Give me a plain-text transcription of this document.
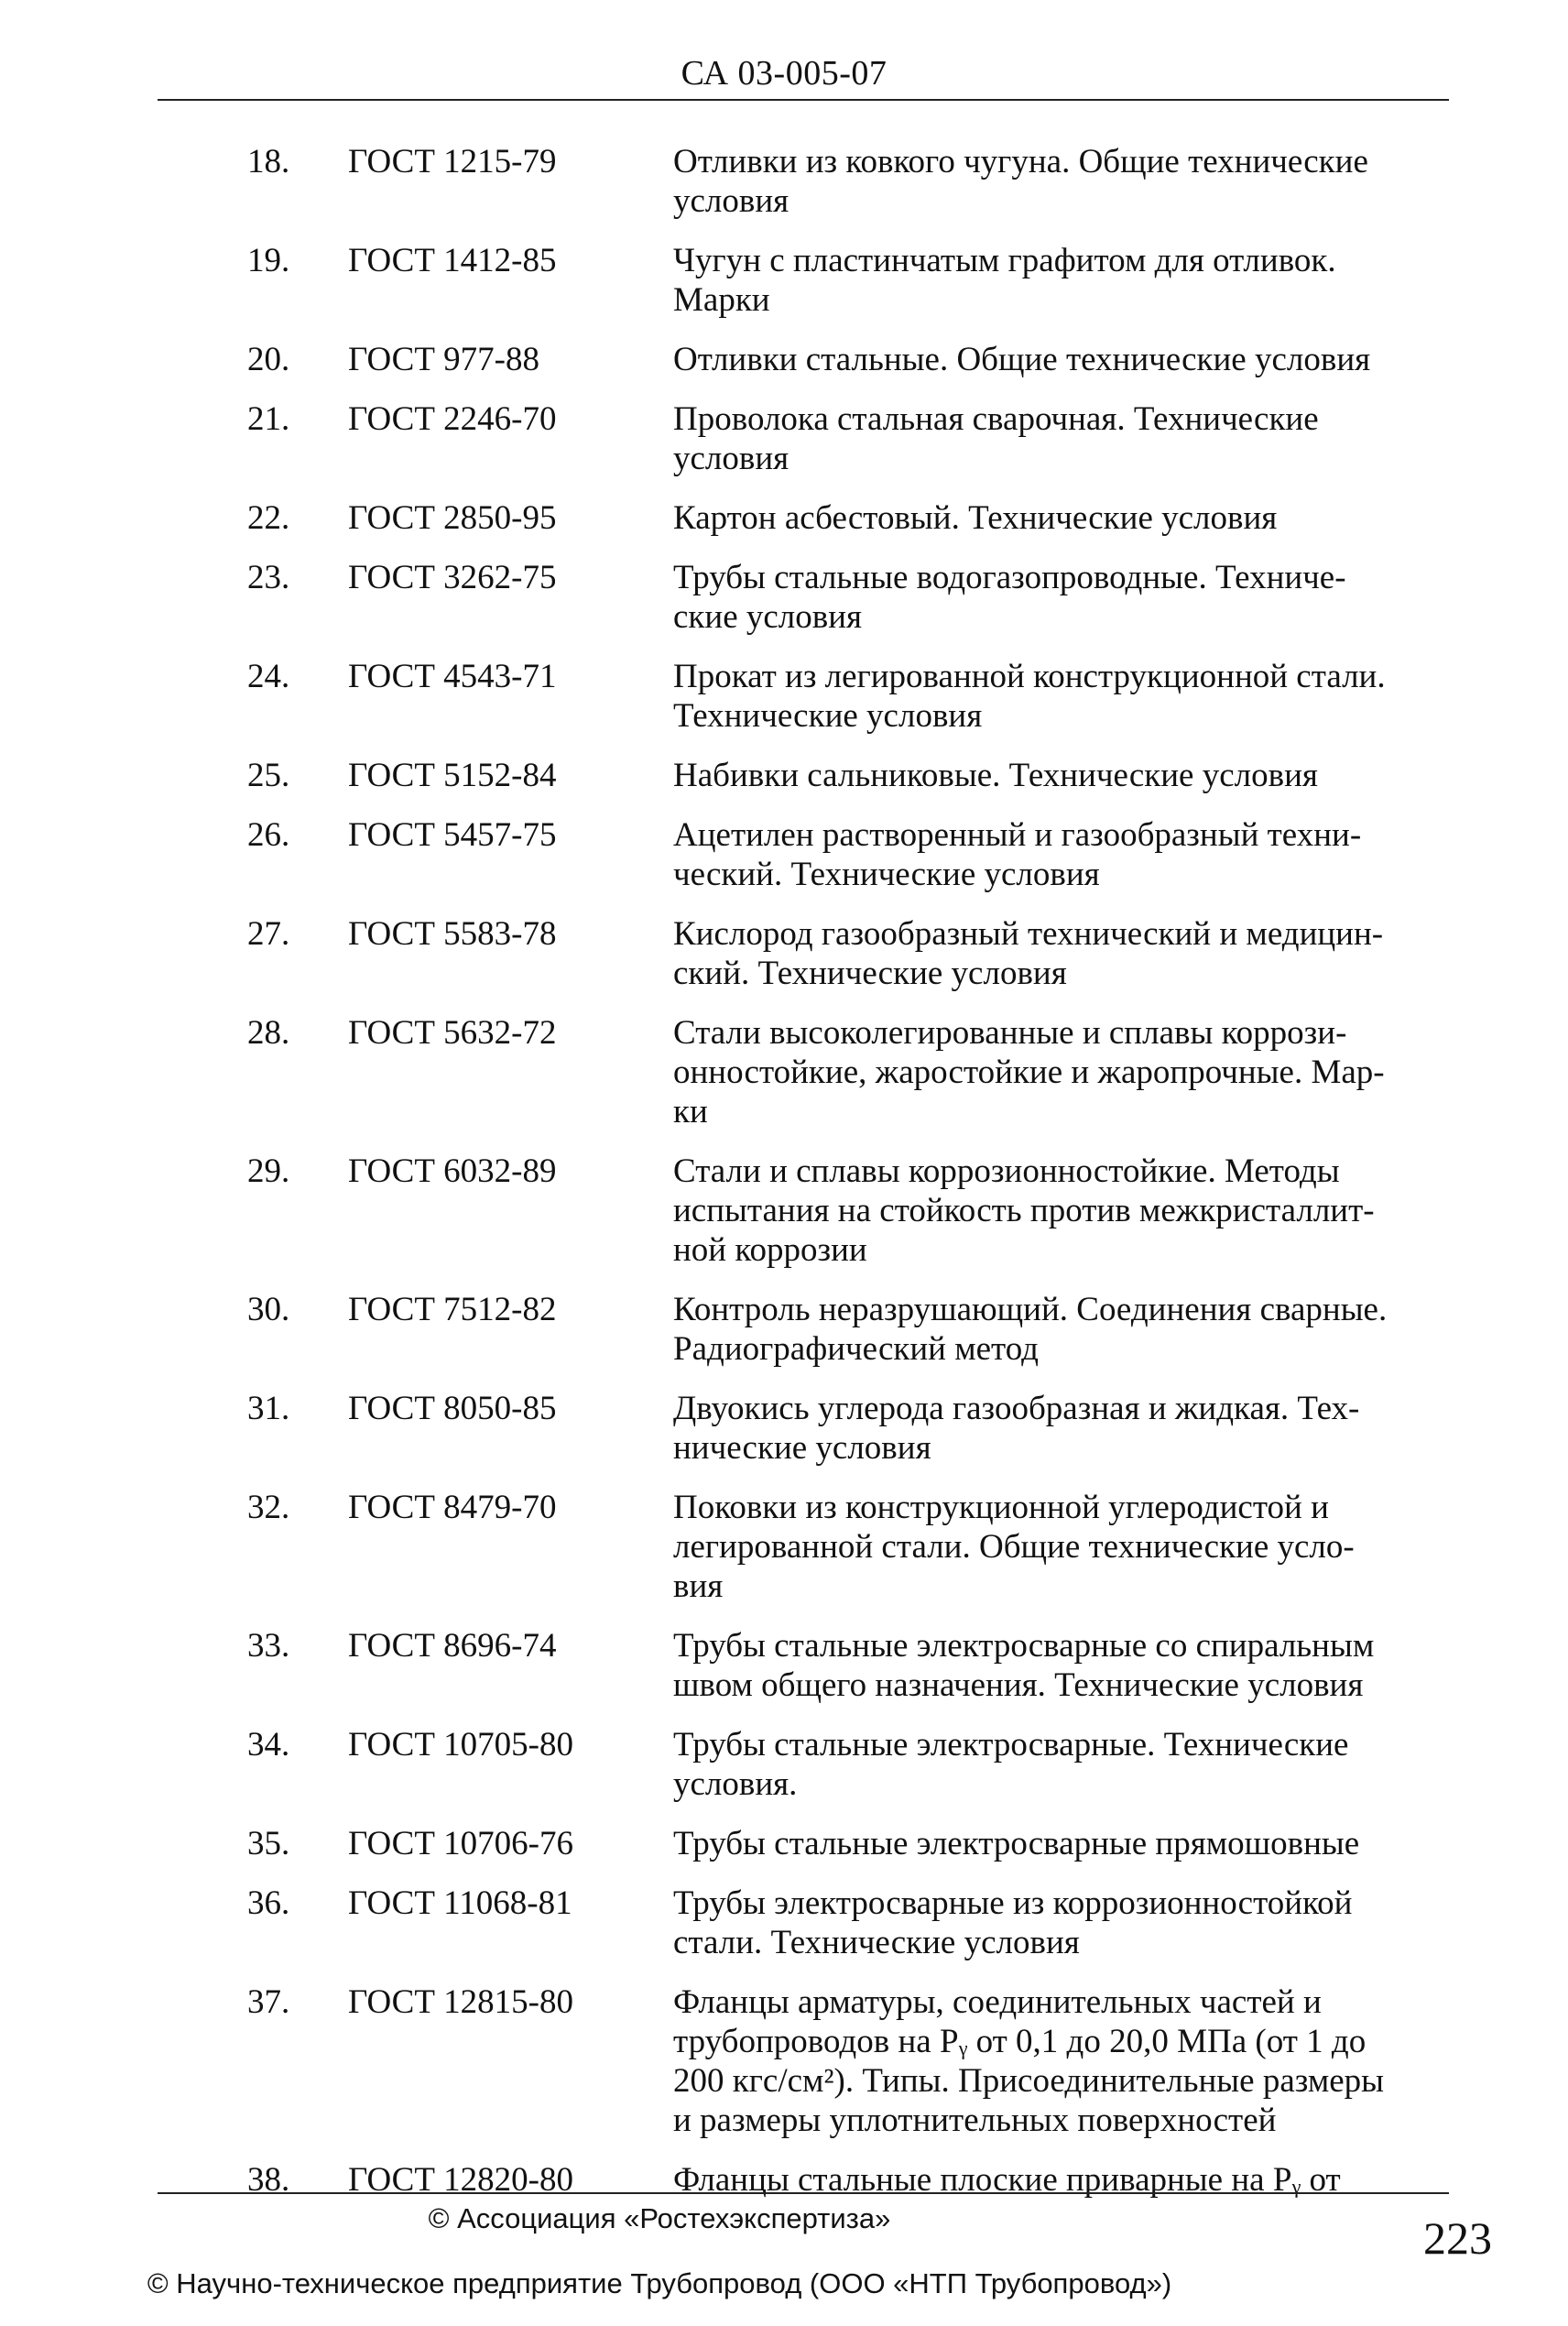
СА 03-005-07
18. ГОСТ 1215-79	Отливки из ковкого чугуна. Общие технические
условия
19. ГОСТ 1412-85	Чугун с пластинчатым графитом для отливок.
Марки
20. ГОСТ 977-88	Отливки стальные. Общие технические условия
21. ГОСТ 2246-70	Проволока стальная сварочная. Технические
условия
22. ГОСТ 2850-95	Картон асбестовый. Технические условия
23. ГОСТ 3262-75	Трубы стальные водогазопроводные. Техниче-
ские условия
24. ГОСТ 4543-71	Прокат из легированной конструкционной стали.
Технические условия
25. ГОСТ 5152-84	Набивки сальниковые. Технические условия
26. ГОСТ 5457-75	Ацетилен растворенный и газообразный техни-
ческий. Технические условия
27. ГОСТ 5583-78	Кислород газообразный технический и медицин-
ский. Технические условия
28. ГОСТ 5632-72	Стали высоколегированные и сплавы коррози-
онностойкие, жаростойкие и жаропрочные. Мар-
ки
29. ГОСТ 6032-89	Стали и сплавы коррозионностойкие. Методы
испытания на стойкость против межкристаллит-
ной коррозии
30. ГОСТ 7512-82	Контроль неразрушающий. Соединения сварные.
Радиографический метод
31. ГОСТ 8050-85	Двуокись углерода газообразная и жидкая. Тех-
нические условия
32. ГОСТ 8479-70	Поковки из конструкционной углеродистой и
легированной стали. Общие технические усло-
вия
33. ГОСТ 8696-74	Трубы стальные электросварные со спиральным
швом общего назначения. Технические условия
34. ГОСТ 10705-80	Трубы стальные электросварные. Технические
условия.
35. ГОСТ 10706-76	Трубы стальные электросварные прямошовные
36. ГОСТ 11068-81	Трубы электросварные из коррозионностойкой
стали. Технические условия
37. ГОСТ 12815-80	Фланцы арматуры, соединительных частей и
трубопроводов на Pᵧ от 0,1 до 20,0 МПа (от 1 до
200 кгс/см²). Типы. Присоединительные размеры
и размеры уплотнительных поверхностей
38. ГОСТ 12820-80	Фланцы стальные плоские приварные на Pᵧ от
© Ассоциация «Ростехэкспертиза»
© Научно-техническое предприятие Трубопровод (ООО «НТП Трубопровод»)
223
